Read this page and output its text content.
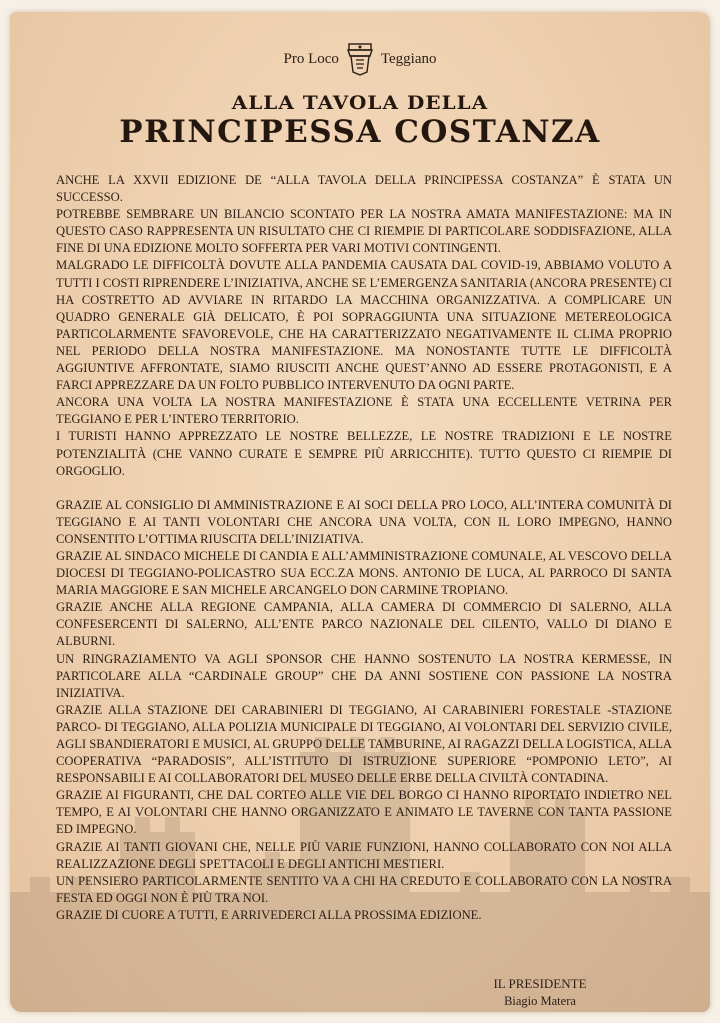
Pro Loco	Teggiano
ALLA TAVOLA DELLA
PRINCIPESSA COSTANZA

ANCHE LA XXVII EDIZIONE DE “ALLA TAVOLA DELLA PRINCIPESSA COSTANZA” È STATA UN SUCCESSO.

POTREBBE SEMBRARE UN BILANCIO SCONTATO PER LA NOSTRA AMATA MANIFESTAZIONE: MA IN QUESTO CASO RAPPRESENTA UN RISULTATO CHE CI RIEMPIE DI PARTICOLARE SODDISFAZIONE, ALLA FINE DI UNA EDIZIONE MOLTO SOFFERTA PER VARI MOTIVI CONTINGENTI.

MALGRADO LE DIFFICOLTÀ DOVUTE ALLA PANDEMIA CAUSATA DAL COVID-19, ABBIAMO VOLUTO A TUTTI I COSTI RIPRENDERE L’INIZIATIVA, ANCHE SE L’EMERGENZA SANITARIA (ANCORA PRESENTE) CI HA COSTRETTO AD AVVIARE IN RITARDO LA MACCHINA ORGANIZZATIVA. A COMPLICARE UN QUADRO GENERALE GIÀ DELICATO, È POI SOPRAGGIUNTA UNA SITUAZIONE METEREOLOGICA PARTICOLARMENTE SFAVOREVOLE, CHE HA CARATTERIZZATO NEGATIVAMENTE IL CLIMA PROPRIO NEL PERIODO DELLA NOSTRA MANIFESTAZIONE. MA NONOSTANTE TUTTE LE DIFFICOLTÀ AGGIUNTIVE AFFRONTATE, SIAMO RIUSCITI ANCHE QUEST’ANNO AD ESSERE PROTAGONISTI, E A FARCI APPREZZARE DA UN FOLTO PUBBLICO INTERVENUTO DA OGNI PARTE.

ANCORA UNA VOLTA LA NOSTRA MANIFESTAZIONE È STATA UNA ECCELLENTE VETRINA PER TEGGIANO E PER L’INTERO TERRITORIO.

I TURISTI HANNO APPREZZATO LE NOSTRE BELLEZZE, LE NOSTRE TRADIZIONI E LE NOSTRE POTENZIALITÀ (CHE VANNO CURATE E SEMPRE PIÙ ARRICCHITE). TUTTO QUESTO CI RIEMPIE DI ORGOGLIO.

GRAZIE AL CONSIGLIO DI AMMINISTRAZIONE E AI SOCI DELLA PRO LOCO, ALL’INTERA COMUNITÀ DI TEGGIANO E AI TANTI VOLONTARI CHE ANCORA UNA VOLTA, CON IL LORO IMPEGNO, HANNO CONSENTITO L’OTTIMA RIUSCITA DELL’INIZIATIVA.

GRAZIE AL SINDACO MICHELE DI CANDIA E ALL’AMMINISTRAZIONE COMUNALE, AL VESCOVO DELLA DIOCESI DI TEGGIANO-POLICASTRO SUA ECC.ZA MONS. ANTONIO DE LUCA, AL PARROCO DI SANTA MARIA MAGGIORE E SAN MICHELE ARCANGELO DON CARMINE TROPIANO.

GRAZIE ANCHE ALLA REGIONE CAMPANIA, ALLA CAMERA DI COMMERCIO DI SALERNO, ALLA CONFESERCENTI DI SALERNO, ALL’ENTE PARCO NAZIONALE DEL CILENTO, VALLO DI DIANO E ALBURNI.

UN RINGRAZIAMENTO VA AGLI SPONSOR CHE HANNO SOSTENUTO LA NOSTRA KERMESSE, IN PARTICOLARE ALLA “CARDINALE GROUP” CHE DA ANNI SOSTIENE CON PASSIONE LA NOSTRA INIZIATIVA.

GRAZIE ALLA STAZIONE DEI CARABINIERI DI TEGGIANO, AI CARABINIERI FORESTALE -STAZIONE PARCO- DI TEGGIANO, ALLA POLIZIA MUNICIPALE DI TEGGIANO, AI VOLONTARI DEL SERVIZIO CIVILE, AGLI SBANDIERATORI E MUSICI, AL GRUPPO DELLE TAMBURINE, AI RAGAZZI DELLA LOGISTICA, ALLA COOPERATIVA “PARADOSIS”, ALL’ISTITUTO DI ISTRUZIONE SUPERIORE “POMPONIO LETO”, AI RESPONSABILI E AI COLLABORATORI DEL MUSEO DELLE ERBE DELLA CIVILTÀ CONTADINA.

GRAZIE AI FIGURANTI, CHE DAL CORTEO ALLE VIE DEL BORGO CI HANNO RIPORTATO INDIETRO NEL TEMPO, E AI VOLONTARI CHE HANNO ORGANIZZATO E ANIMATO LE TAVERNE CON TANTA PASSIONE ED IMPEGNO.

GRAZIE AI TANTI GIOVANI CHE, NELLE PIÙ VARIE FUNZIONI, HANNO COLLABORATO CON NOI ALLA REALIZZAZIONE DEGLI SPETTACOLI E DEGLI ANTICHI MESTIERI.

UN PENSIERO PARTICOLARMENTE SENTITO VA A CHI HA CREDUTO E COLLABORATO CON LA NOSTRA FESTA ED OGGI NON È PIÙ TRA NOI.

GRAZIE DI CUORE A TUTTI, E ARRIVEDERCI ALLA PROSSIMA EDIZIONE.

IL PRESIDENTE
Biagio Matera
